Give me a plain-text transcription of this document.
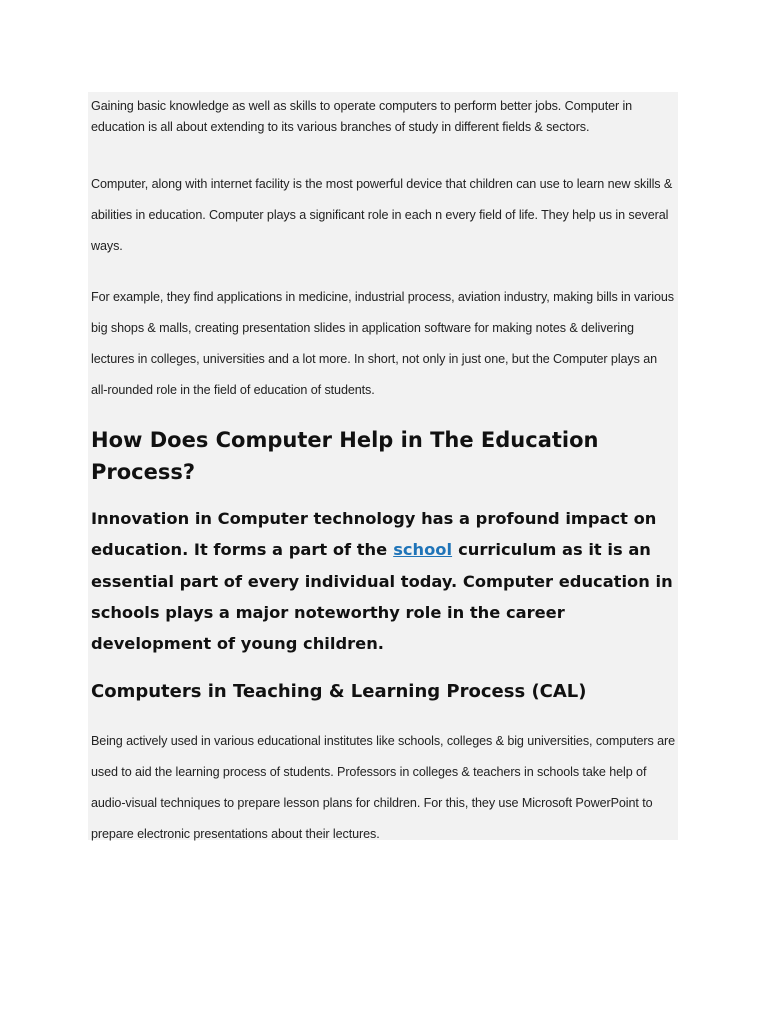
Gaining basic knowledge as well as skills to operate computers to perform better jobs. Computer in education is all about extending to its various branches of study in different fields & sectors.

Computer, along with internet facility is the most powerful device that children can use to learn new skills & abilities in education. Computer plays a significant role in each n every field of life. They help us in several ways.

For example, they find applications in medicine, industrial process, aviation industry, making bills in various big shops & malls, creating presentation slides in application software for making notes & delivering lectures in colleges, universities and a lot more. In short, not only in just one, but the Computer plays an all-rounded role in the field of education of students.

How Does Computer Help in The Education Process?

Innovation in Computer technology has a profound impact on education. It forms a part of the school curriculum as it is an essential part of every individual today. Computer education in schools plays a major noteworthy role in the career development of young children.

Computers in Teaching & Learning Process (CAL)

Being actively used in various educational institutes like schools, colleges & big universities, computers are used to aid the learning process of students. Professors in colleges & teachers in schools take help of audio-visual techniques to prepare lesson plans for children. For this, they use Microsoft PowerPoint to prepare electronic presentations about their lectures.
